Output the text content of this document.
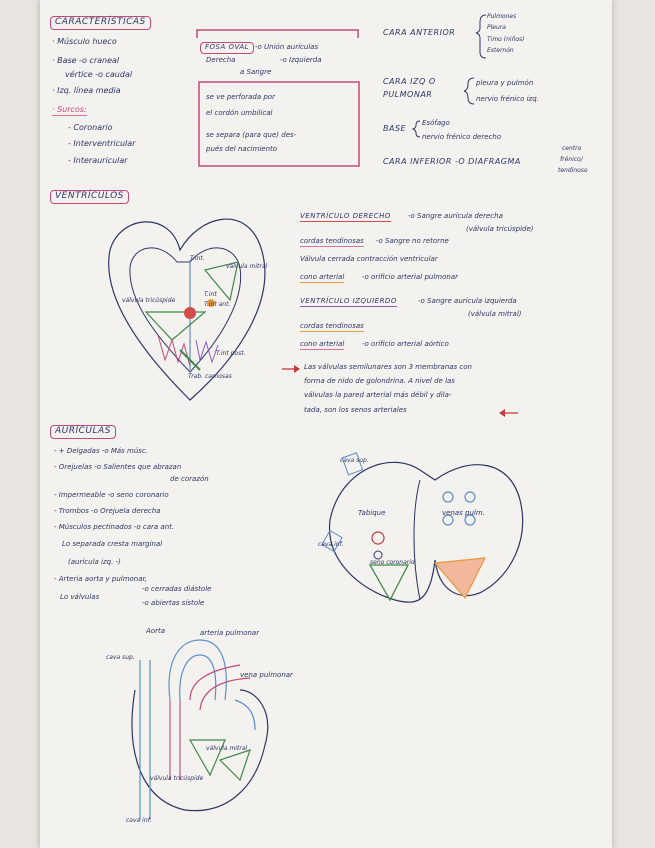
CARACTERÍSTICAS
· Músculo hueco
· Base -o craneal
vértice -o caudal
· Izq. línea media
· Surcos:
- Coronario
- Interventricular
- Interauricular
FOSA OVAL -o Unión aurículas
Derecha	-o Izquierda
a Sangre
se ve perforada por
el cordón umbilical
se separa (para que) des-
pués del nacimiento
CARA ANTERIOR
Pulmones
Pleura
Timo (niños)
Esternón
CARA IZQ O
PULMONAR
pleura y pulmón
nervio frénico izq.
BASE
Esófago
nervio frénico derecho
CARA INFERIOR -O DIAFRAGMA
centro
frénico/
tendinoso
VENTRÍCULOS
T.int.
válvula mitral
válvula tricúspide
T.int
T.int ant.
T.int post.
Trab. carnosas
VENTRÍCULO DERECHO -o Sangre aurícula derecha
(válvula tricúspide)
cordas tendinosas -o Sangre no retorne
Válvula cerrada contracción ventricular
cono arterial	-o orificio arterial pulmonar
VENTRÍCULO IZQUIERDO	-o Sangre aurícula izquierda
(válvula mitral)
cordas tendinosas
cono arterial	-o orificio arterial aórtico
Las válvulas semilunares son 3 membranas con
forma de nido de golondrina. A nivel de las
válvulas la pared arterial más débil y dila-
tada, son los senos arteriales
AURÍCULAS
- + Delgadas -o Más músc.
- Orejuelas -o Salientes que abrazan
de corazón
- Impermeable -o seno coronario
- Trombos -o Orejuela derecha
- Músculos pectinados -o cara ant.
Lo separada cresta marginal
(aurícula izq. -)
- Arteria aorta y pulmonar,
Lo válvulas
-o cerradas diástole
-o abiertas sístole
cava sup.
cava inf.
Tabique	venas pulm.
seno coronario
Aorta	arteria pulmonar
cava sup.
vena pulmonar
válvula mitral
válvula tricúspide
cava inf.
